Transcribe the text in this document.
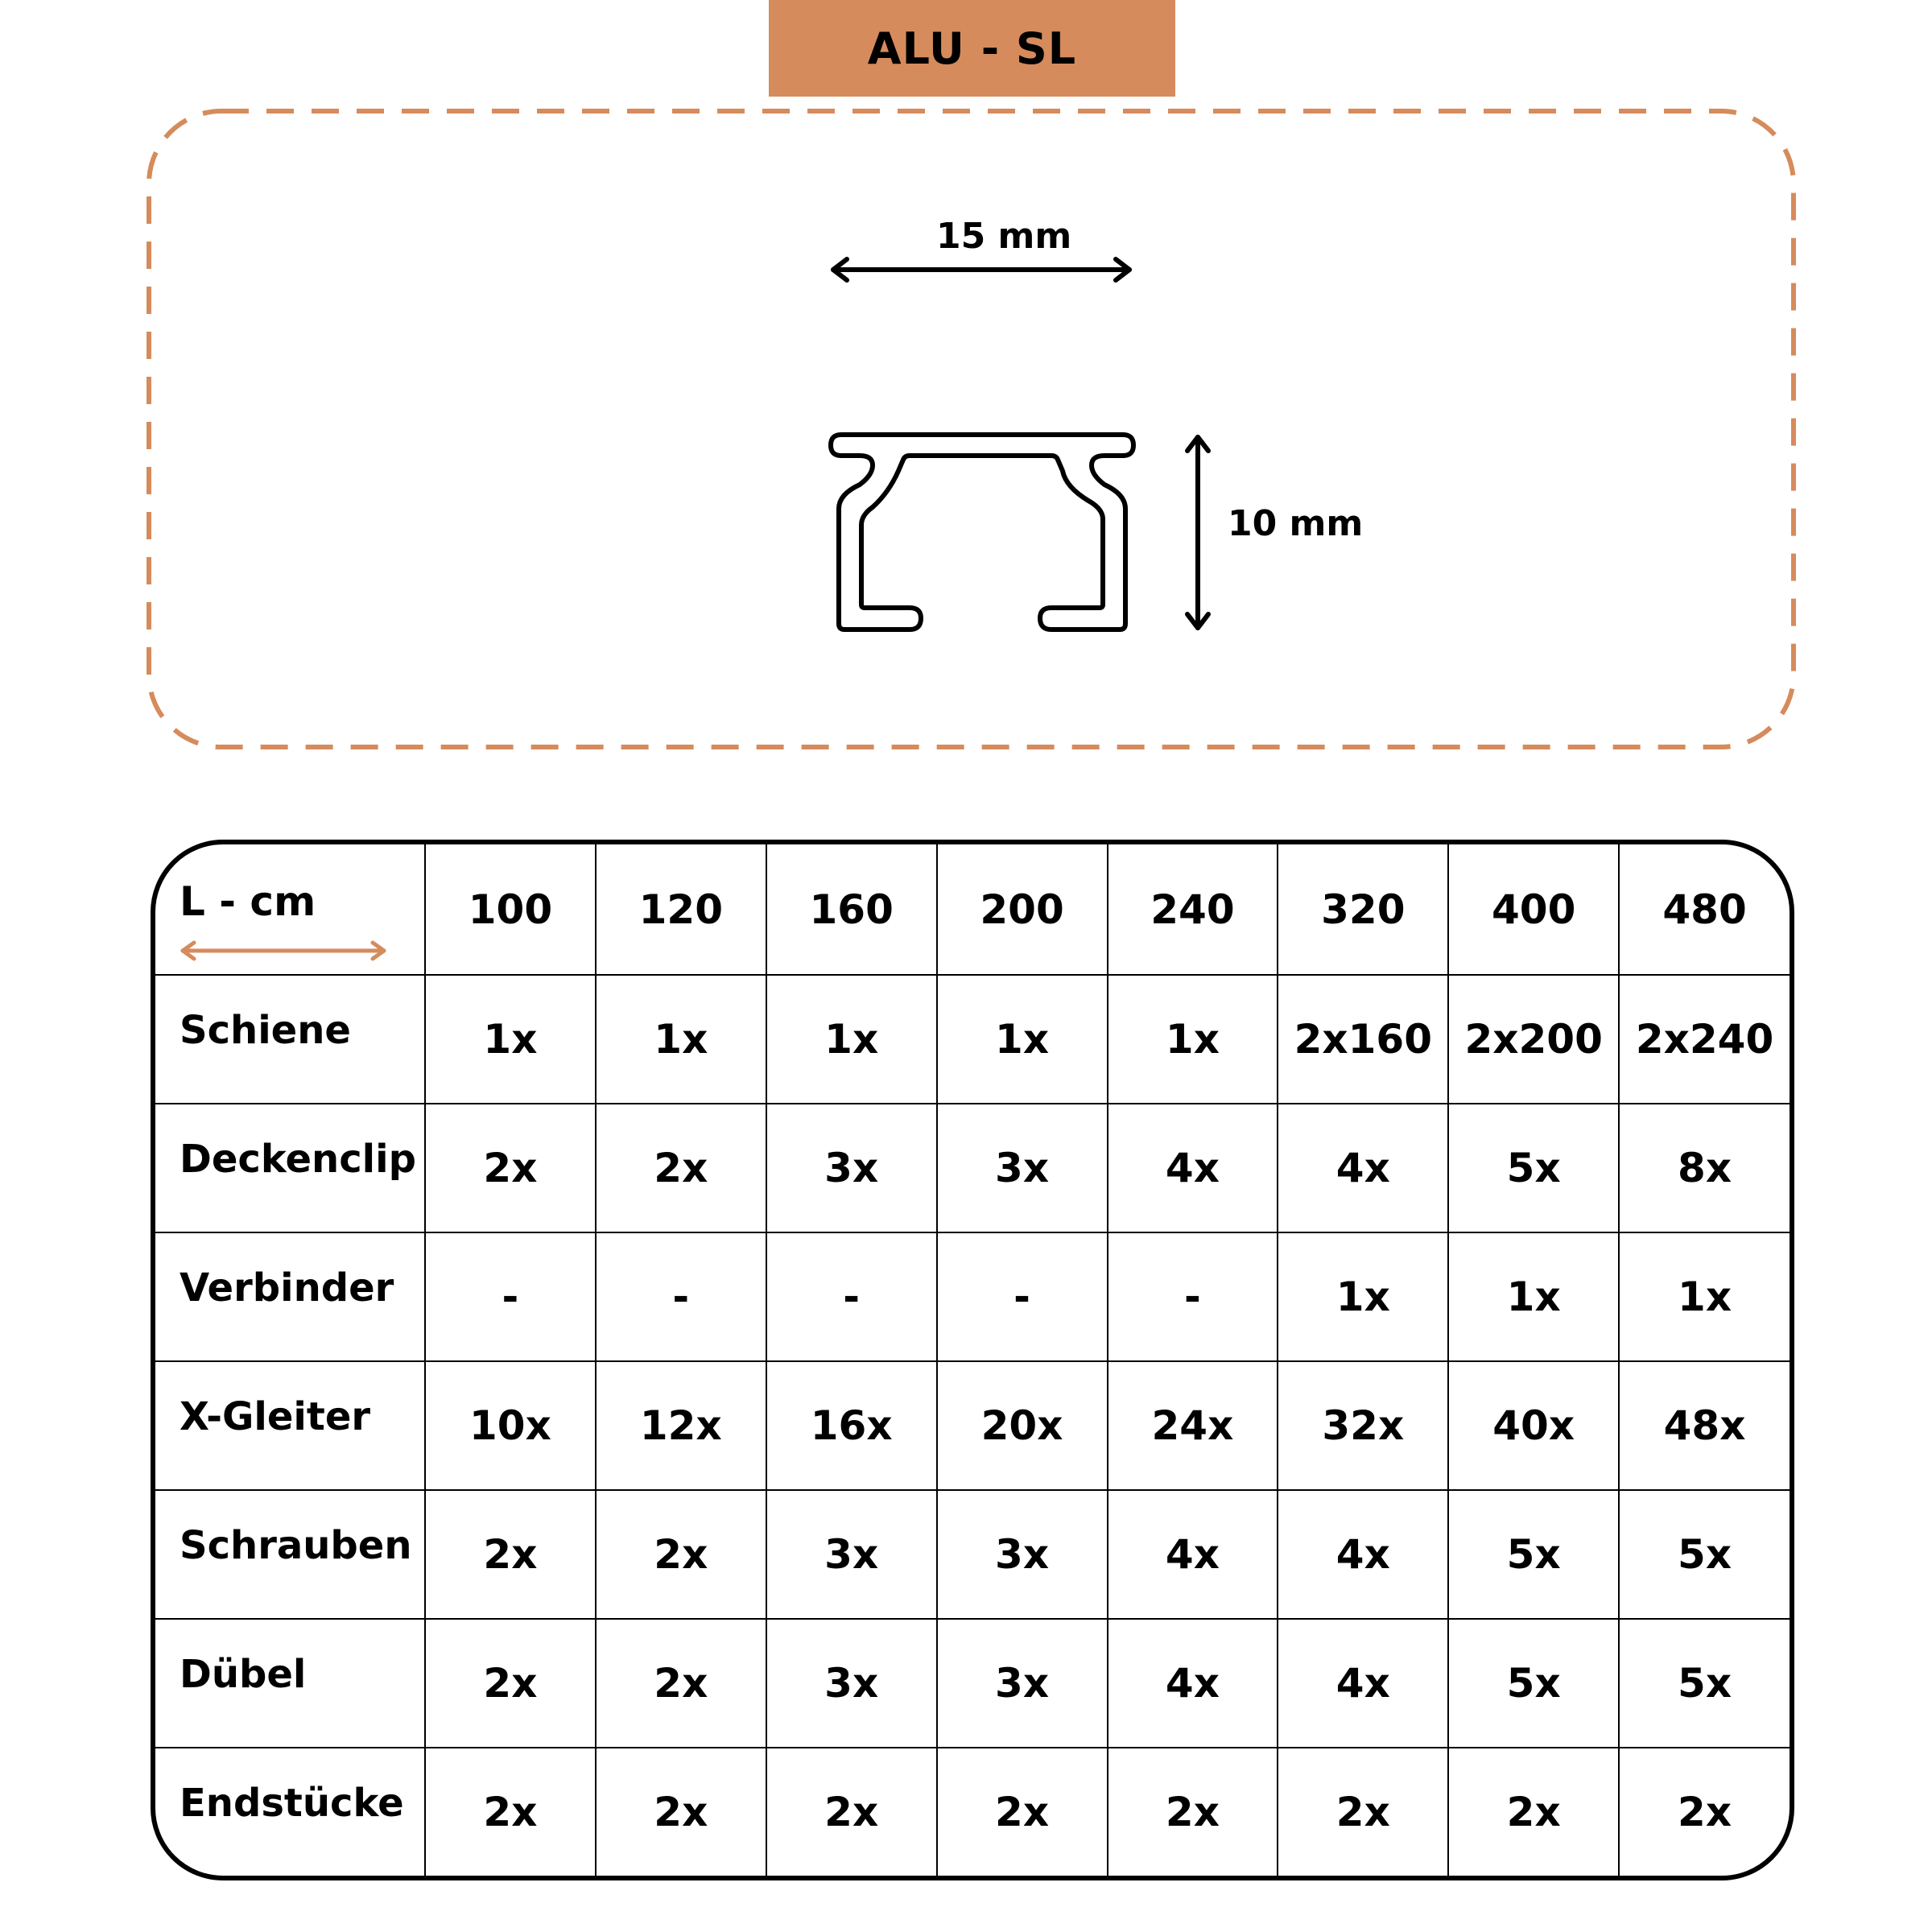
ALU - SL
15 mm
10 mm
L - cm	100	120	160	200	240	320	400	480
Schiene	1x	1x	1x	1x	1x	2x160	2x200	2x240
Deckenclip	2x	2x	3x	3x	4x	4x	5x	8x
Verbinder	-	-	-	-	-	1x	1x	1x
X-Gleiter	10x	12x	16x	20x	24x	32x	40x	48x
Schrauben	2x	2x	3x	3x	4x	4x	5x	5x
Dübel	2x	2x	3x	3x	4x	4x	5x	5x
Endstücke	2x	2x	2x	2x	2x	2x	2x	2x
